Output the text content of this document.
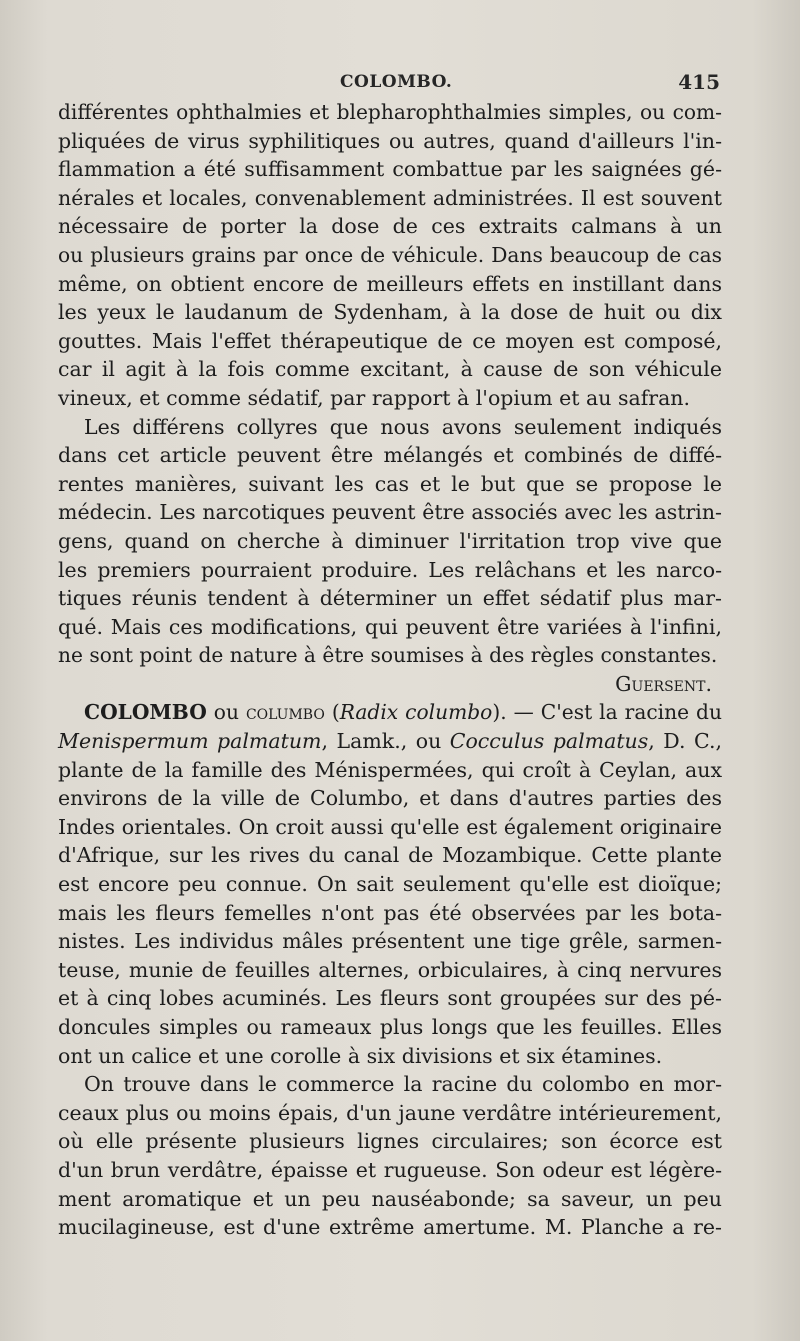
COLOMBO.	415
différentes ophthalmies et blepharophthalmies simples, ou com-
pliquées de virus syphilitiques ou autres, quand d'ailleurs l'in-
flammation a été suffisamment combattue par les saignées gé-
nérales et locales, convenablement administrées. Il est souvent
nécessaire de porter la dose de ces extraits calmans à un
ou plusieurs grains par once de véhicule. Dans beaucoup de cas
même, on obtient encore de meilleurs effets en instillant dans
les yeux le laudanum de Sydenham, à la dose de huit ou dix
gouttes. Mais l'effet thérapeutique de ce moyen est composé,
car il agit à la fois comme excitant, à cause de son véhicule
vineux, et comme sédatif, par rapport à l'opium et au safran.
Les différens collyres que nous avons seulement indiqués
dans cet article peuvent être mélangés et combinés de diffé-
rentes manières, suivant les cas et le but que se propose le
médecin. Les narcotiques peuvent être associés avec les astrin-
gens, quand on cherche à diminuer l'irritation trop vive que
les premiers pourraient produire. Les relâchans et les narco-
tiques réunis tendent à déterminer un effet sédatif plus mar-
qué. Mais ces modifications, qui peuvent être variées à l'infini,
ne sont point de nature à être soumises à des règles constantes.
Guersent.
COLOMBO ou columbo (Radix columbo). — C'est la racine du
Menispermum palmatum, Lamk., ou Cocculus palmatus, D. C.,
plante de la famille des Ménispermées, qui croît à Ceylan, aux
environs de la ville de Columbo, et dans d'autres parties des
Indes orientales. On croit aussi qu'elle est également originaire
d'Afrique, sur les rives du canal de Mozambique. Cette plante
est encore peu connue. On sait seulement qu'elle est dioïque;
mais les fleurs femelles n'ont pas été observées par les bota-
nistes. Les individus mâles présentent une tige grêle, sarmen-
teuse, munie de feuilles alternes, orbiculaires, à cinq nervures
et à cinq lobes acuminés. Les fleurs sont groupées sur des pé-
doncules simples ou rameaux plus longs que les feuilles. Elles
ont un calice et une corolle à six divisions et six étamines.
On trouve dans le commerce la racine du colombo en mor-
ceaux plus ou moins épais, d'un jaune verdâtre intérieurement,
où elle présente plusieurs lignes circulaires; son écorce est
d'un brun verdâtre, épaisse et rugueuse. Son odeur est légère-
ment aromatique et un peu nauséabonde; sa saveur, un peu
mucilagineuse, est d'une extrême amertume. M. Planche a re-
